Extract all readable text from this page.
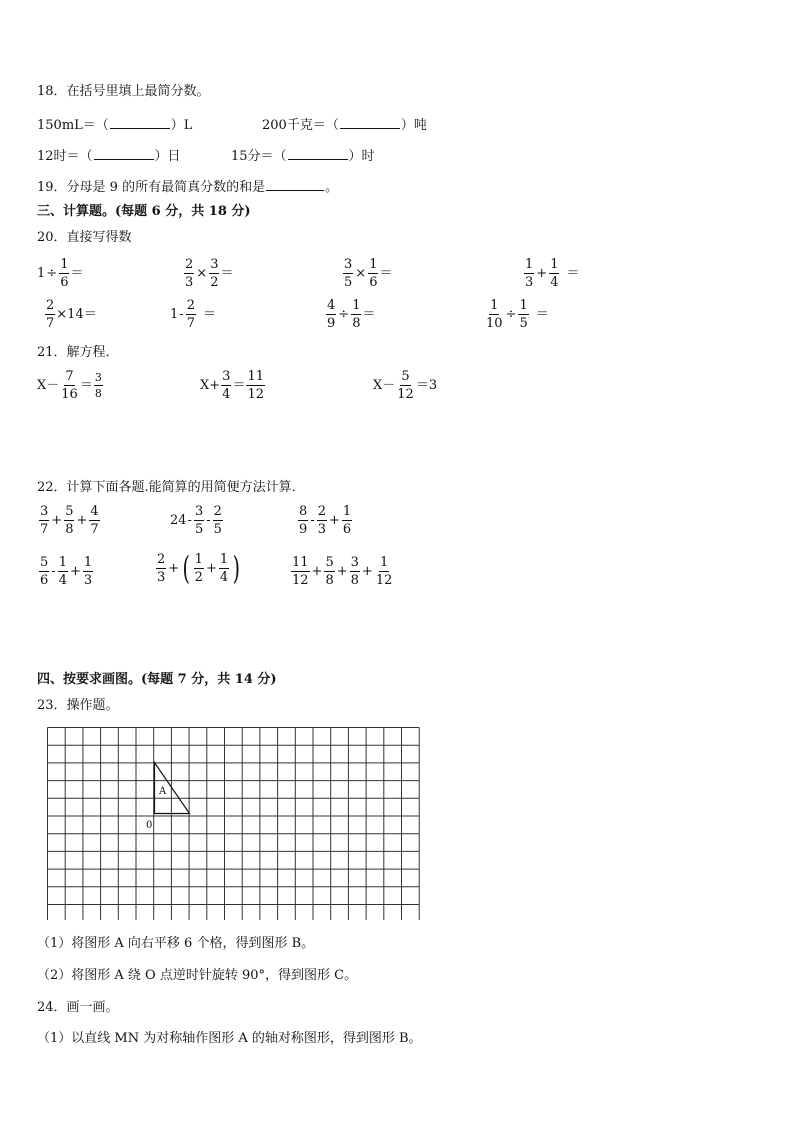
18．在括号里填上最简分数。
150mL＝（	）L	200千克＝（	）吨
12时＝（	）日	15分＝（	）时
19．分母是 9 的所有最简真分数的和是	。
三、计算题。(每题 6 分，共 18 分)
20．直接写得数
$1 \div \frac{1}{6}$ ＝	$\frac{2}{3} \times \frac{3}{2}$ ＝	$\frac{3}{5} \times \frac{1}{6}$ ＝	$\frac{1}{3} + \frac{1}{4}$ ＝
$\frac{2}{7} \times 14=$	$1 - \frac{2}{7}$ ＝	$\frac{4}{9} \div \frac{1}{8}$ ＝	$\frac{1}{10} \div \frac{1}{5}$ ＝
21．解方程．
$X- \frac{7}{16} = \frac{3}{8}$	$X+ \frac{3}{4} = \frac{11}{12}$	$X- \frac{5}{12} =3$
22．计算下面各题.能简算的用简便方法计算．
$\frac{3}{7} + \frac{5}{8} + \frac{4}{7}$	$24 - \frac{3}{5} - \frac{2}{5}$	$\frac{8}{9} - \frac{2}{3} + \frac{1}{6}$
$\frac{5}{6} - \frac{1}{4} + \frac{1}{3}$	$\frac{2}{3}$ + ( $\frac{1}{2} + \frac{1}{4}$ )	$\frac{11}{12} + \frac{5}{8} + \frac{3}{8} + \frac{1}{12}$
四、按要求画图。(每题 7 分，共 14 分)
23．操作题。
A
0
（1）将图形 A 向右平移 6 个格，得到图形 B。
（2）将图形 A 绕 O 点逆时针旋转 90°，得到图形 C。
24．画一画。
（1）以直线 MN 为对称轴作图形 A 的轴对称图形，得到图形 B。
